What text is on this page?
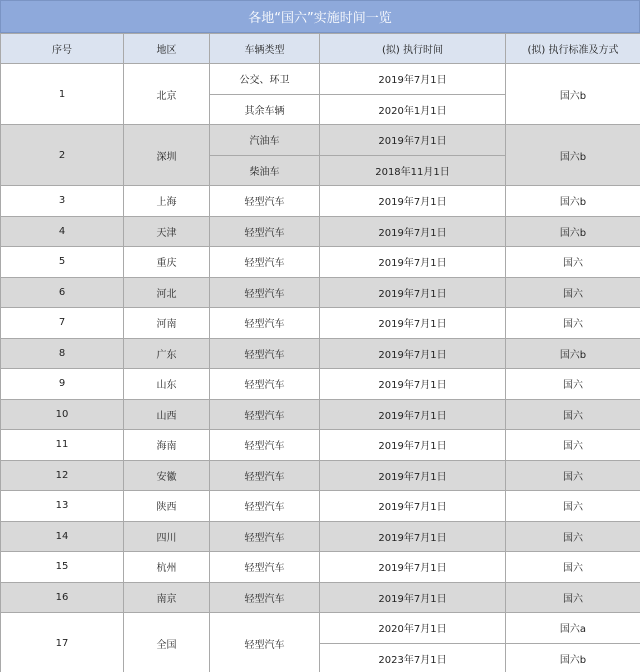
各地“国六”实施时间一览
序号	地区	车辆类型	(拟) 执行时间	(拟) 执行标准及方式
1	北京	公交、环卫	2019年7月1日	国六b
		其余车辆	2020年1月1日	
2	深圳	汽油车	2019年7月1日	国六b
		柴油车	2018年11月1日	
3	上海	轻型汽车	2019年7月1日	国六b
4	天津	轻型汽车	2019年7月1日	国六b
5	重庆	轻型汽车	2019年7月1日	国六
6	河北	轻型汽车	2019年7月1日	国六
7	河南	轻型汽车	2019年7月1日	国六
8	广东	轻型汽车	2019年7月1日	国六b
9	山东	轻型汽车	2019年7月1日	国六
10	山西	轻型汽车	2019年7月1日	国六
11	海南	轻型汽车	2019年7月1日	国六
12	安徽	轻型汽车	2019年7月1日	国六
13	陕西	轻型汽车	2019年7月1日	国六
14	四川	轻型汽车	2019年7月1日	国六
15	杭州	轻型汽车	2019年7月1日	国六
16	南京	轻型汽车	2019年7月1日	国六
17	全国	轻型汽车	2020年7月1日	国六a
			2023年7月1日	国六b
